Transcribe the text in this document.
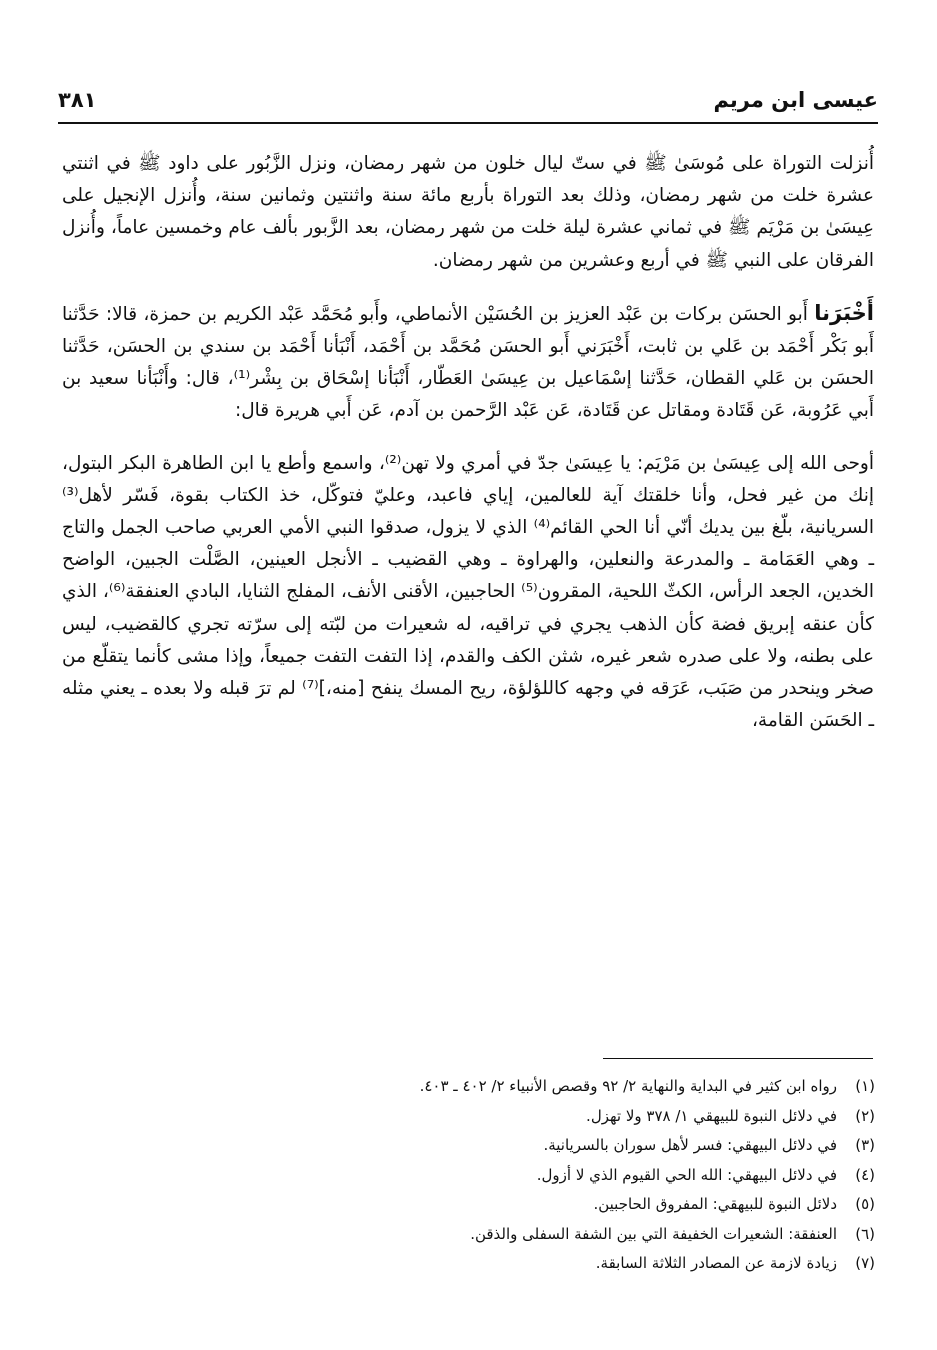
عيسى ابن مريم
٣٨١

أُنزلت التوراة على مُوسَىٰ ﷺ في ستّ ليال خلون من شهر رمضان، ونزل الزَّبُور على داود ﷺ في اثنتي عشرة خلت من شهر رمضان، وذلك بعد التوراة بأربع مائة سنة واثنتين وثمانين سنة، وأُنزل الإنجيل على عِيسَىٰ بن مَرْيَم ﷺ في ثماني عشرة ليلة خلت من شهر رمضان، بعد الزَّبور بألف عام وخمسين عاماً، وأُنزل الفرقان على النبي ﷺ في أربع وعشرين من شهر رمضان.

أَخْبَرَنا أَبو الحسَن بركات بن عَبْد العزيز بن الحُسَيْن الأنماطي، وأَبو مُحَمَّد عَبْد الكريم بن حمزة، قالا: حَدَّثنا أَبو بَكْر أَحْمَد بن عَلي بن ثابت، أَخْبَرَني أَبو الحسَن مُحَمَّد بن أَحْمَد، أَنْبَأنا أَحْمَد بن سندي بن الحسَن، حَدَّثنا الحسَن بن عَلي القطان، حَدَّثنا إسْمَاعيل بن عِيسَىٰ العَطّار، أَنْبَأنا إسْحَاق بن بِشْر⁽¹⁾، قال: وأَنْبَأنا سعيد بن أَبي عَرُوبة، عَن قَتَادة ومقاتل عن قَتَادة، عَن عَبْد الرَّحمن بن آدم، عَن أَبي هريرة قال:

أوحى الله إلى عِيسَىٰ بن مَرْيَم: يا عِيسَىٰ جدّ في أمري ولا تهن⁽²⁾، واسمع وأطع يا ابن الطاهرة البكر البتول، إنك من غير فحل، وأنا خلقتك آية للعالمين، إياي فاعبد، وعليّ فتوكّل، خذ الكتاب بقوة، فَسّر لأهل⁽³⁾ السريانية، بلّغ بين يديك أنّي أنا الحي القائم⁽⁴⁾ الذي لا يزول، صدقوا النبي الأمي العربي صاحب الجمل والتاج ـ وهي العَمَامة ـ والمدرعة والنعلين، والهراوة ـ وهي القضيب ـ الأنجل العينين، الصَّلْت الجبين، الواضح الخدين، الجعد الرأس، الكثّ اللحية، المقرون⁽⁵⁾ الحاجبين، الأقنى الأنف، المفلج الثنايا، البادي العنفقة⁽⁶⁾، الذي كأن عنقه إبريق فضة كأن الذهب يجري في تراقيه، له شعيرات من لبّته إلى سرّته تجري كالقضيب، ليس على بطنه، ولا على صدره شعر غيره، شثن الكف والقدم، إذا التفت التفت جميعاً، وإذا مشى كأنما يتقلّع من صخر وينحدر من صَبَب، عَرَقه في وجهه كاللؤلؤة، ريح المسك ينفح [منه،]⁽⁷⁾ لم ترَ قبله ولا بعده ـ يعني مثله ـ الحَسَن القامة،

(١)
رواه ابن كثير في البداية والنهاية ٢/ ٩٢ وقصص الأنبياء ٢/ ٤٠٢ ـ ٤٠٣.
(٢)
في دلائل النبوة للبيهقي ١/ ٣٧٨ ولا تهزل.
(٣)
في دلائل البيهقي: فسر لأهل سوران بالسريانية.
(٤)
في دلائل البيهقي: الله الحي القيوم الذي لا أزول.
(٥)
دلائل النبوة للبيهقي: المفروق الحاجبين.
(٦)
العنفقة: الشعيرات الخفيفة التي بين الشفة السفلى والذقن.
(٧)
زيادة لازمة عن المصادر الثلاثة السابقة.
